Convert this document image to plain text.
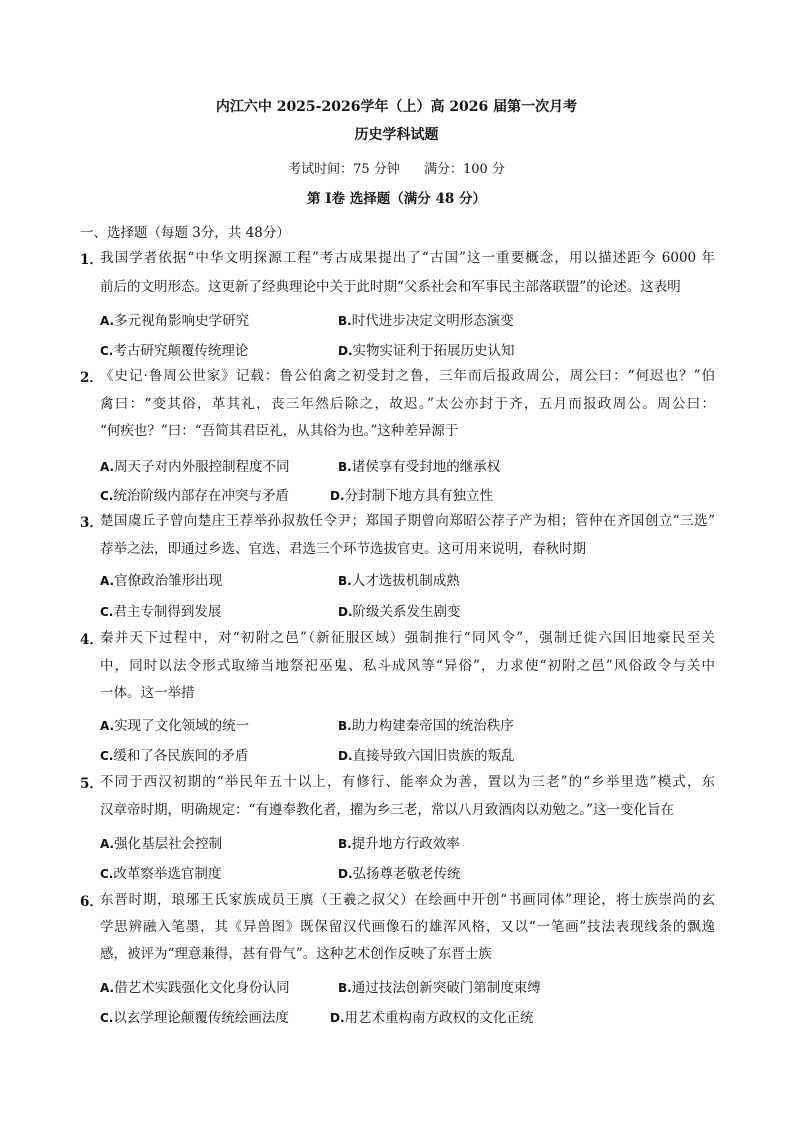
内江六中 2025-2026学年（上）高 2026 届第一次月考
历史学科试题
考试时间：75 分钟 满分：100 分
第 I卷 选择题（满分 48 分）
一、选择题（每题 3分，共 48分）
1．
我国学者依据“中华文明探源工程”考古成果提出了“古国”这一重要概念，用以描述距今 6000 年
前后的文明形态。这更新了经典理论中关于此时期“父系社会和军事民主部落联盟”的论述。这表明
A.多元视角影响史学研究	B.时代进步决定文明形态演变
C.考古研究颠覆传统理论	D.实物实证利于拓展历史认知
2．
《史记·鲁周公世家》记载：鲁公伯禽之初受封之鲁，三年而后报政周公，周公曰：“何迟也？”伯
禽曰：“变其俗，革其礼，丧三年然后除之，故迟。”太公亦封于齐，五月而报政周公。周公曰：
“何疾也？”曰：“吾简其君臣礼，从其俗为也。”这种差异源于
A.周天子对内外服控制程度不同	B.诸侯享有受封地的继承权
C.统治阶级内部存在冲突与矛盾	D.分封制下地方具有独立性
3．
楚国虞丘子曾向楚庄王荐举孙叔敖任令尹；郑国子期曾向郑昭公荐子产为相；管仲在齐国创立“三选”
荐举之法，即通过乡选、官选、君选三个环节选拔官吏。这可用来说明，春秋时期
A.官僚政治雏形出现	B.人才选拔机制成熟
C.君主专制得到发展	D.阶级关系发生剧变
4．
秦并天下过程中，对“初附之邑”（新征服区域）强制推行“同风令”，强制迁徙六国旧地豪民至关
中，同时以法令形式取缔当地祭祀巫鬼、私斗成风等“异俗”，力求使“初附之邑”风俗政令与关中
一体。这一举措
A.实现了文化领域的统一	B.助力构建秦帝国的统治秩序
C.缓和了各民族间的矛盾	D.直接导致六国旧贵族的叛乱
5．
不同于西汉初期的“举民年五十以上，有修行、能率众为善，置以为三老”的“乡举里选”模式，东
汉章帝时期，明确规定：“有遵奉教化者，擢为乡三老，常以八月致酒肉以劝勉之。”这一变化旨在
A.强化基层社会控制	B.提升地方行政效率
C.改革察举选官制度	D.弘扬尊老敬老传统
6．
东晋时期，琅琊王氏家族成员王廙（王羲之叔父）在绘画中开创“书画同体”理论，将士族崇尚的玄
学思辨融入笔墨，其《异兽图》既保留汉代画像石的雄浑风格，又以“一笔画”技法表现线条的飘逸
感，被评为“理意兼得，甚有骨气”。这种艺术创作反映了东晋士族
A.借艺术实践强化文化身份认同	B.通过技法创新突破门第制度束缚
C.以玄学理论颠覆传统绘画法度	D.用艺术重构南方政权的文化正统
